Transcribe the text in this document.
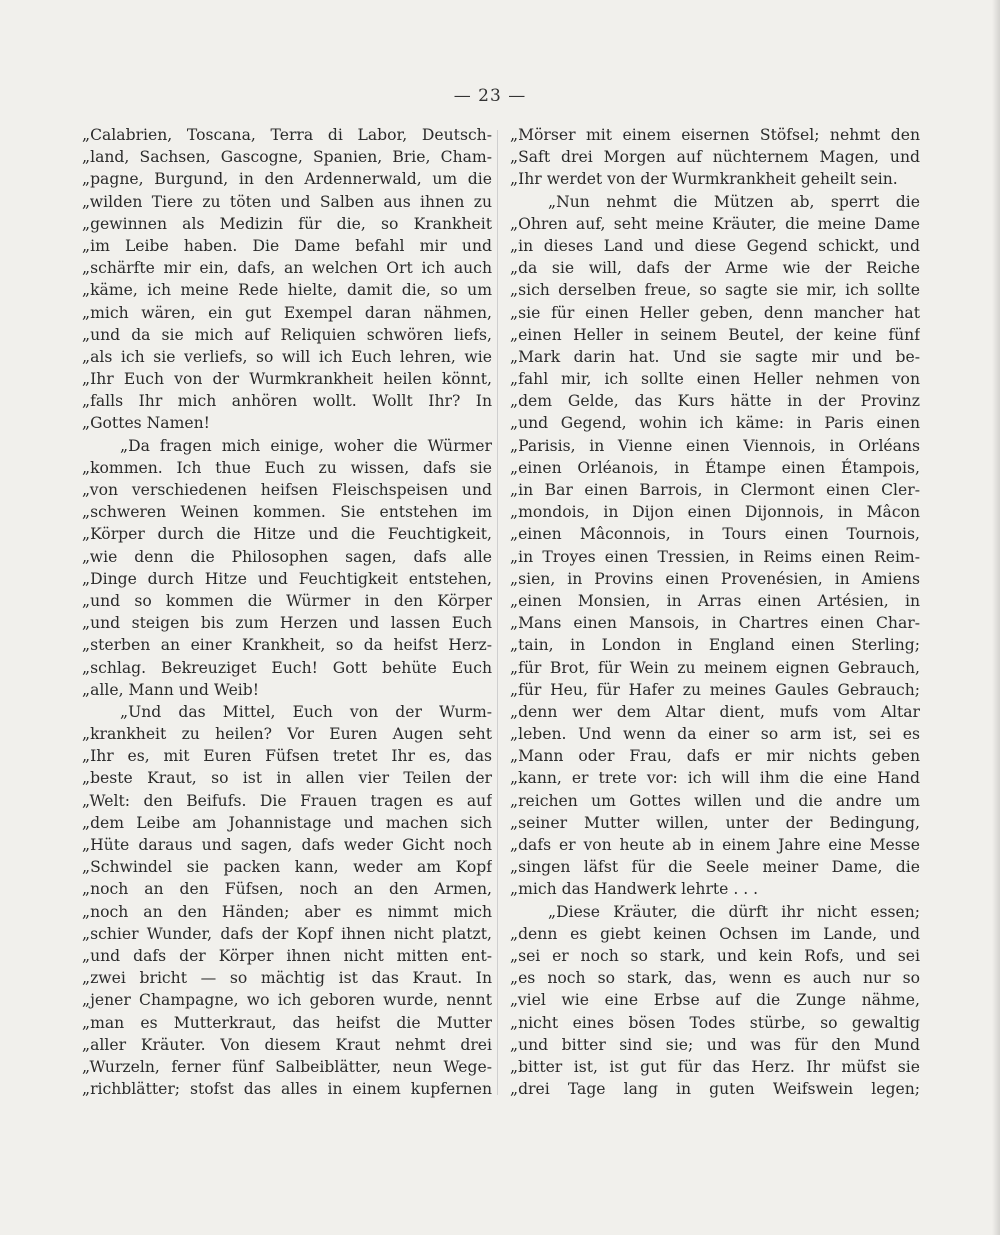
— 23 —
„Calabrien, Toscana, Terra di Labor, Deutsch-
„land, Sachsen, Gascogne, Spanien, Brie, Cham-
„pagne, Burgund, in den Ardennerwald, um die
„wilden Tiere zu töten und Salben aus ihnen zu
„gewinnen als Medizin für die, so Krankheit
„im Leibe haben. Die Dame befahl mir und
„schärfte mir ein, dafs, an welchen Ort ich auch
„käme, ich meine Rede hielte, damit die, so um
„mich wären, ein gut Exempel daran nähmen,
„und da sie mich auf Reliquien schwören liefs,
„als ich sie verliefs, so will ich Euch lehren, wie
„Ihr Euch von der Wurmkrankheit heilen könnt,
„falls Ihr mich anhören wollt. Wollt Ihr? In
„Gottes Namen!
„Da fragen mich einige, woher die Würmer
„kommen. Ich thue Euch zu wissen, dafs sie
„von verschiedenen heifsen Fleischspeisen und
„schweren Weinen kommen. Sie entstehen im
„Körper durch die Hitze und die Feuchtigkeit,
„wie denn die Philosophen sagen, dafs alle
„Dinge durch Hitze und Feuchtigkeit entstehen,
„und so kommen die Würmer in den Körper
„und steigen bis zum Herzen und lassen Euch
„sterben an einer Krankheit, so da heifst Herz-
„schlag. Bekreuziget Euch! Gott behüte Euch
„alle, Mann und Weib!
„Und das Mittel, Euch von der Wurm-
„krankheit zu heilen? Vor Euren Augen seht
„Ihr es, mit Euren Füfsen tretet Ihr es, das
„beste Kraut, so ist in allen vier Teilen der
„Welt: den Beifufs. Die Frauen tragen es auf
„dem Leibe am Johannistage und machen sich
„Hüte daraus und sagen, dafs weder Gicht noch
„Schwindel sie packen kann, weder am Kopf
„noch an den Füfsen, noch an den Armen,
„noch an den Händen; aber es nimmt mich
„schier Wunder, dafs der Kopf ihnen nicht platzt,
„und dafs der Körper ihnen nicht mitten ent-
„zwei bricht — so mächtig ist das Kraut. In
„jener Champagne, wo ich geboren wurde, nennt
„man es Mutterkraut, das heifst die Mutter
„aller Kräuter. Von diesem Kraut nehmt drei
„Wurzeln, ferner fünf Salbeiblätter, neun Wege-
„richblätter; stofst das alles in einem kupfernen
„Mörser mit einem eisernen Stöfsel; nehmt den
„Saft drei Morgen auf nüchternem Magen, und
„Ihr werdet von der Wurmkrankheit geheilt sein.
„Nun nehmt die Mützen ab, sperrt die
„Ohren auf, seht meine Kräuter, die meine Dame
„in dieses Land und diese Gegend schickt, und
„da sie will, dafs der Arme wie der Reiche
„sich derselben freue, so sagte sie mir, ich sollte
„sie für einen Heller geben, denn mancher hat
„einen Heller in seinem Beutel, der keine fünf
„Mark darin hat. Und sie sagte mir und be-
„fahl mir, ich sollte einen Heller nehmen von
„dem Gelde, das Kurs hätte in der Provinz
„und Gegend, wohin ich käme: in Paris einen
„Parisis, in Vienne einen Viennois, in Orléans
„einen Orléanois, in Étampe einen Étampois,
„in Bar einen Barrois, in Clermont einen Cler-
„mondois, in Dijon einen Dijonnois, in Mâcon
„einen Mâconnois, in Tours einen Tournois,
„in Troyes einen Tressien, in Reims einen Reim-
„sien, in Provins einen Provenésien, in Amiens
„einen Monsien, in Arras einen Artésien, in
„Mans einen Mansois, in Chartres einen Char-
„tain, in London in England einen Sterling;
„für Brot, für Wein zu meinem eignen Gebrauch,
„für Heu, für Hafer zu meines Gaules Gebrauch;
„denn wer dem Altar dient, mufs vom Altar
„leben. Und wenn da einer so arm ist, sei es
„Mann oder Frau, dafs er mir nichts geben
„kann, er trete vor: ich will ihm die eine Hand
„reichen um Gottes willen und die andre um
„seiner Mutter willen, unter der Bedingung,
„dafs er von heute ab in einem Jahre eine Messe
„singen läfst für die Seele meiner Dame, die
„mich das Handwerk lehrte . . .
„Diese Kräuter, die dürft ihr nicht essen;
„denn es giebt keinen Ochsen im Lande, und
„sei er noch so stark, und kein Rofs, und sei
„es noch so stark, das, wenn es auch nur so
„viel wie eine Erbse auf die Zunge nähme,
„nicht eines bösen Todes stürbe, so gewaltig
„und bitter sind sie; und was für den Mund
„bitter ist, ist gut für das Herz. Ihr müfst sie
„drei Tage lang in guten Weifswein legen;
